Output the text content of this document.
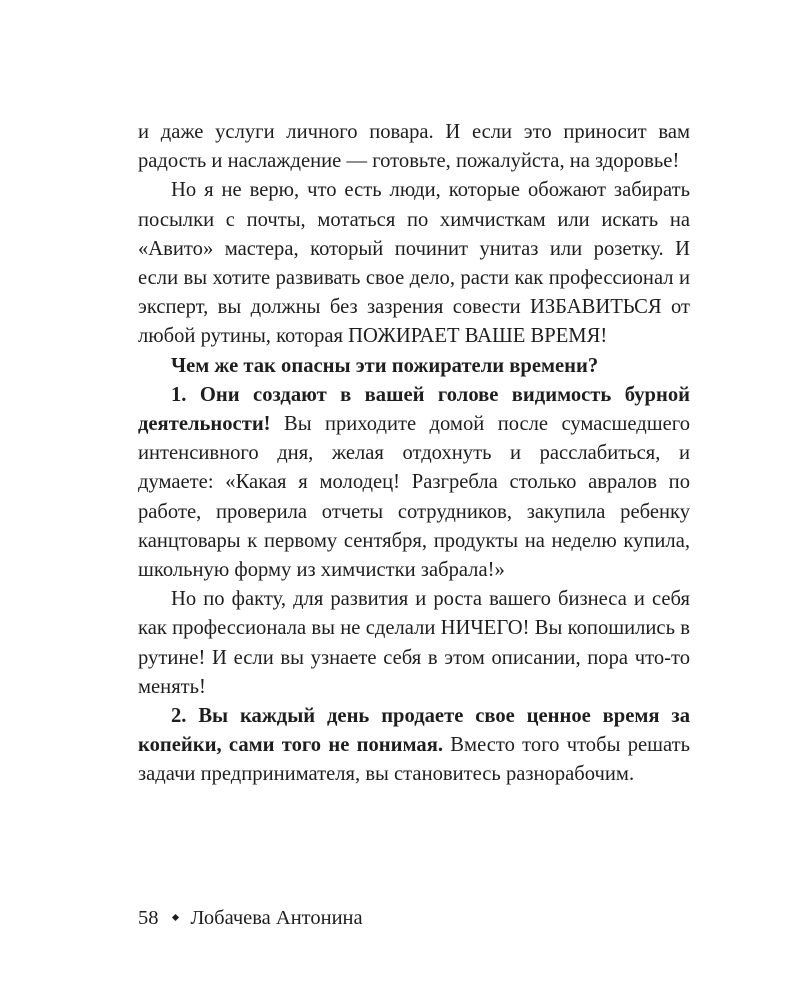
и даже услуги личного повара. И если это приносит вам радость и наслаждение — готовьте, пожалуйста, на здоровье!

Но я не верю, что есть люди, которые обожают забирать посылки с почты, мотаться по химчисткам или искать на «Авито» мастера, который починит унитаз или розетку. И если вы хотите развивать свое дело, расти как профессионал и эксперт, вы должны без зазрения совести ИЗБАВИТЬСЯ от любой рутины, которая ПОЖИРАЕТ ВАШЕ ВРЕМЯ!

Чем же так опасны эти пожиратели времени?

1. Они создают в вашей голове видимость бурной деятельности! Вы приходите домой после сумасшедшего интенсивного дня, желая отдохнуть и расслабиться, и думаете: «Какая я молодец! Разгребла столько авралов по работе, проверила отчеты сотрудников, закупила ребенку канцтовары к первому сентября, продукты на неделю купила, школьную форму из химчистки забрала!»

Но по факту, для развития и роста вашего бизнеса и себя как профессионала вы не сделали НИЧЕГО! Вы копошились в рутине! И если вы узнаете себя в этом описании, пора что-то менять!

2. Вы каждый день продаете свое ценное время за копейки, сами того не понимая. Вместо того чтобы решать задачи предпринимателя, вы становитесь разнорабочим.

58 Лобачева Антонина
